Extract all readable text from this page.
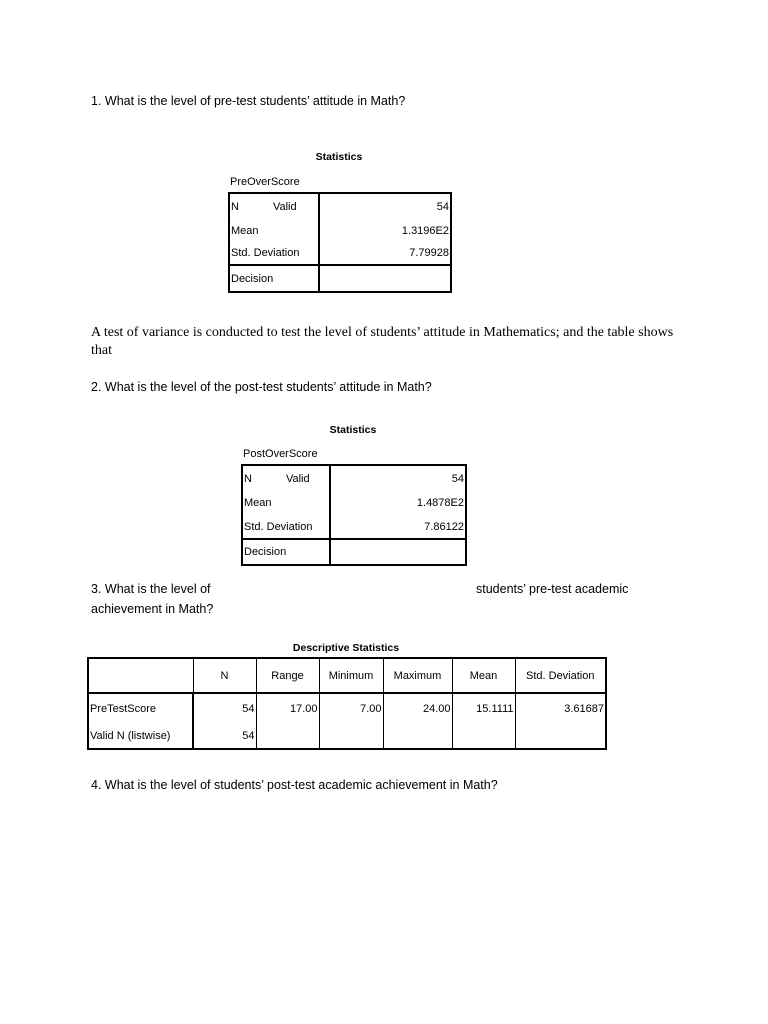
1. What is the level of pre-test students’ attitude in Math?

Statistics
PreOverScore
N Valid	54
Mean	1.3196E2
Std. Deviation	7.79928
Decision	

A test of variance is conducted to test the level of students’ attitude in Mathematics; and the table shows that

2. What is the level of the post-test students’ attitude in Math?

Statistics
PostOverScore
N Valid	54
Mean	1.4878E2
Std. Deviation	7.86122
Decision	

3. What is the level of	students’ pre-test academic

achievement in Math?

Descriptive Statistics
	N	Range	Minimum	Maximum	Mean	Std. Deviation
PreTestScore	54	17.00	7.00	24.00	15.1111	3.61687
Valid N (listwise)	54					

4. What is the level of students’ post-test academic achievement in Math?
